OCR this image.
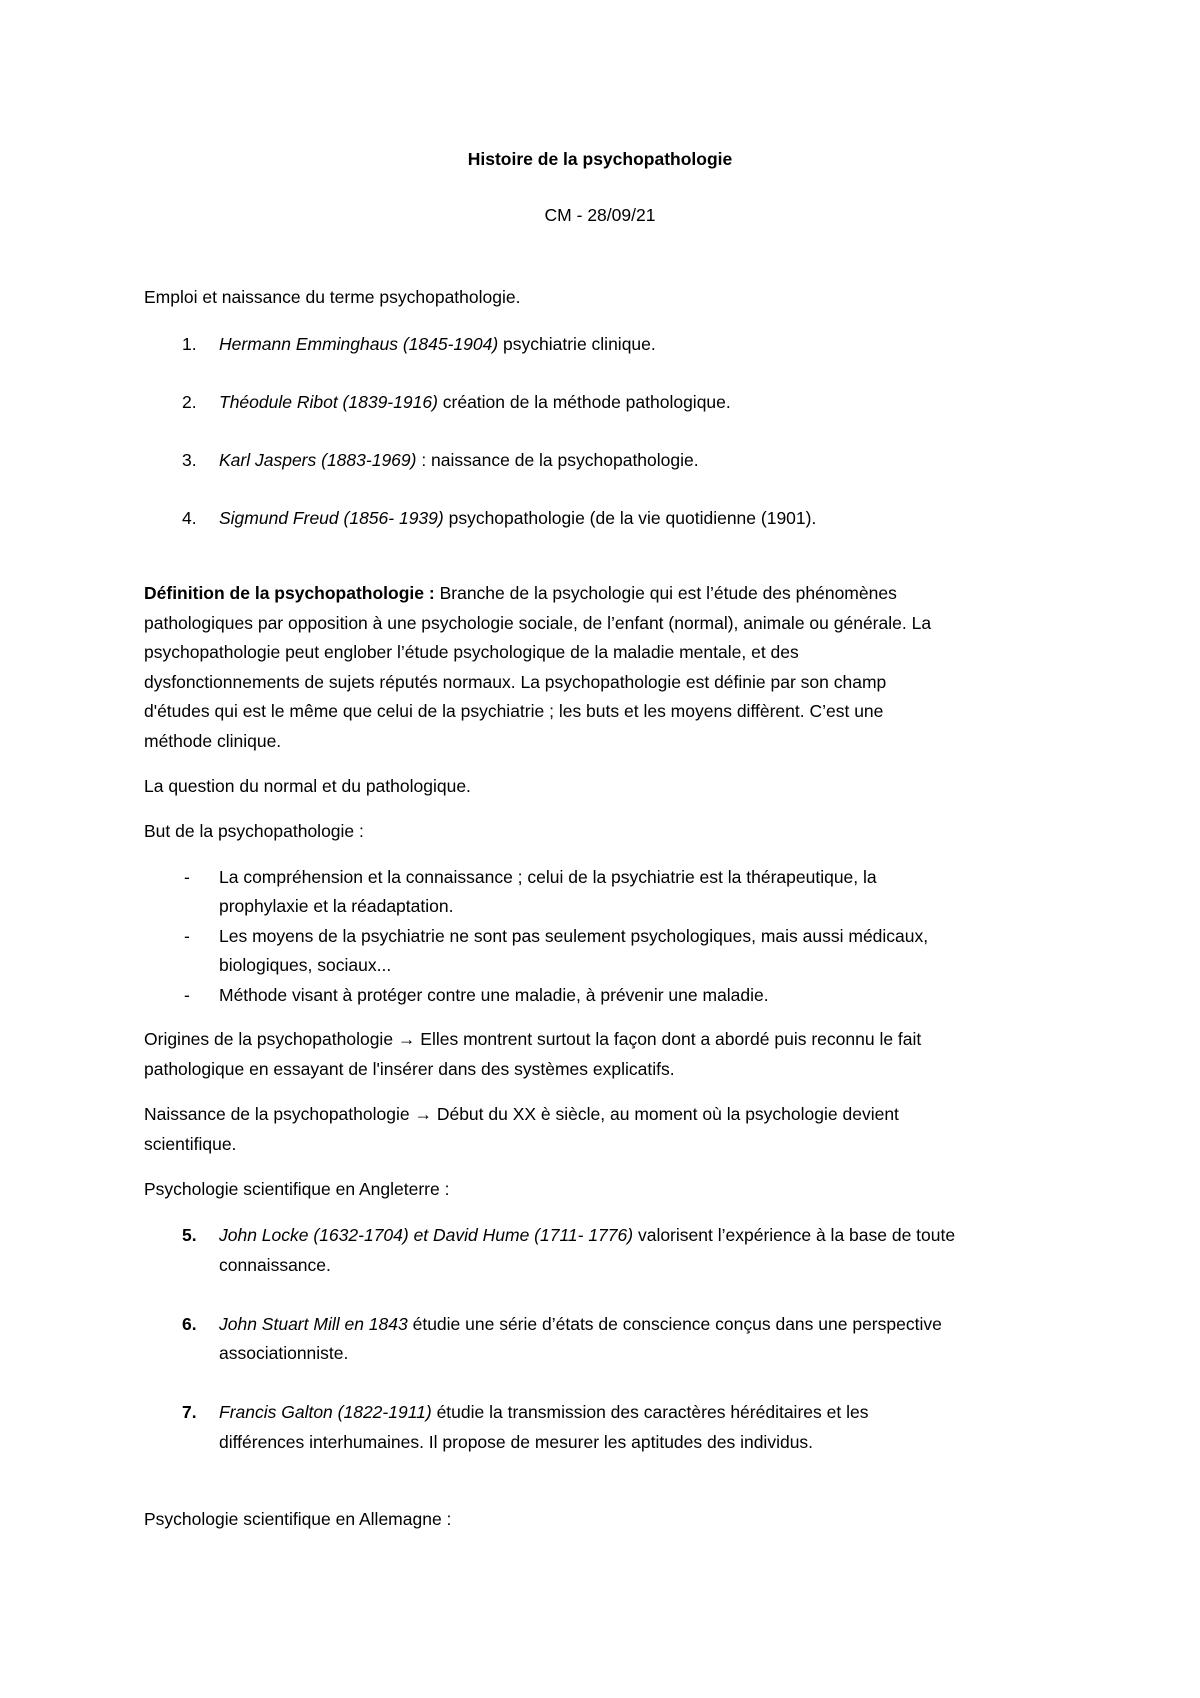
Histoire de la psychopathologie
CM - 28/09/21
Emploi et naissance du terme psychopathologie.
1. Hermann Emminghaus (1845-1904) psychiatrie clinique.
2. Théodule Ribot (1839-1916) création de la méthode pathologique.
3. Karl Jaspers (1883-1969) : naissance de la psychopathologie.
4. Sigmund Freud (1856- 1939) psychopathologie (de la vie quotidienne (1901).
Définition de la psychopathologie : Branche de la psychologie qui est l’étude des phénomènes
pathologiques par opposition à une psychologie sociale, de l’enfant (normal), animale ou générale. La
psychopathologie peut englober l’étude psychologique de la maladie mentale, et des
dysfonctionnements de sujets réputés normaux. La psychopathologie est définie par son champ
d'études qui est le même que celui de la psychiatrie ; les buts et les moyens diffèrent. C’est une
méthode clinique.
La question du normal et du pathologique.
But de la psychopathologie :
- La compréhension et la connaissance ; celui de la psychiatrie est la thérapeutique, la
prophylaxie et la réadaptation.
- Les moyens de la psychiatrie ne sont pas seulement psychologiques, mais aussi médicaux,
biologiques, sociaux...
- Méthode visant à protéger contre une maladie, à prévenir une maladie.
Origines de la psychopathologie → Elles montrent surtout la façon dont a abordé puis reconnu le fait
pathologique en essayant de l'insérer dans des systèmes explicatifs.
Naissance de la psychopathologie → Début du XX è siècle, au moment où la psychologie devient
scientifique.
Psychologie scientifique en Angleterre :
5. John Locke (1632-1704) et David Hume (1711- 1776) valorisent l’expérience à la base de toute
connaissance.
6. John Stuart Mill en 1843 étudie une série d’états de conscience conçus dans une perspective
associationniste.
7. Francis Galton (1822-1911) étudie la transmission des caractères héréditaires et les
différences interhumaines. Il propose de mesurer les aptitudes des individus.
Psychologie scientifique en Allemagne :
